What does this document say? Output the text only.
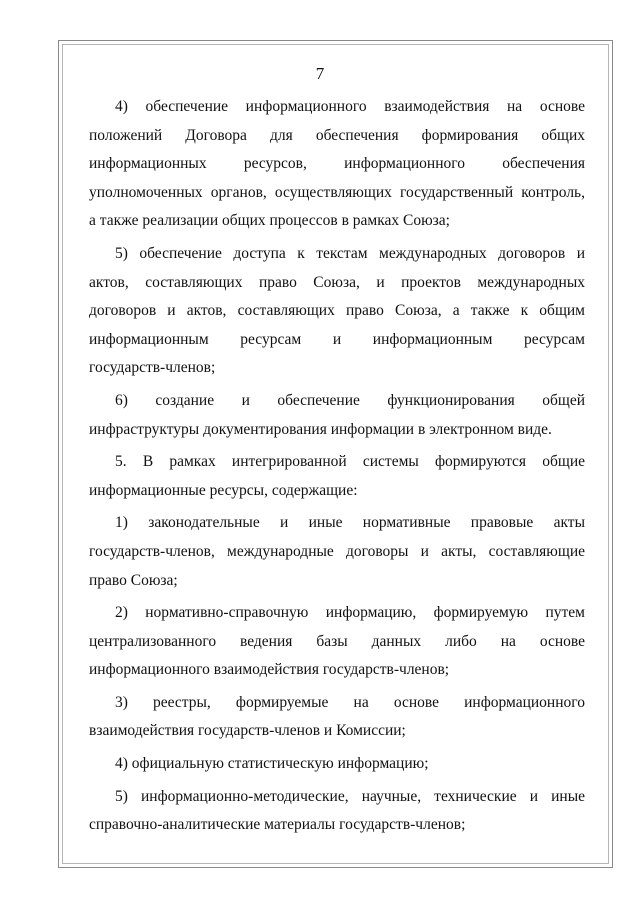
7

4) обеспечение информационного взаимодействия на основе
положений Договора для обеспечения формирования общих
информационных ресурсов, информационного обеспечения
уполномоченных органов, осуществляющих государственный контроль,
а также реализации общих процессов в рамках Союза;

5) обеспечение доступа к текстам международных договоров и
актов, составляющих право Союза, и проектов международных
договоров и актов, составляющих право Союза, а также к общим
информационным ресурсам и информационным ресурсам
государств-членов;

6) создание и обеспечение функционирования общей
инфраструктуры документирования информации в электронном виде.

5. В рамках интегрированной системы формируются общие
информационные ресурсы, содержащие:

1) законодательные и иные нормативные правовые акты
государств-членов, международные договоры и акты, составляющие
право Союза;

2) нормативно-справочную информацию, формируемую путем
централизованного ведения базы данных либо на основе
информационного взаимодействия государств-членов;

3) реестры, формируемые на основе информационного
взаимодействия государств-членов и Комиссии;

4) официальную статистическую информацию;

5) информационно-методические, научные, технические и иные
справочно-аналитические материалы государств-членов;
